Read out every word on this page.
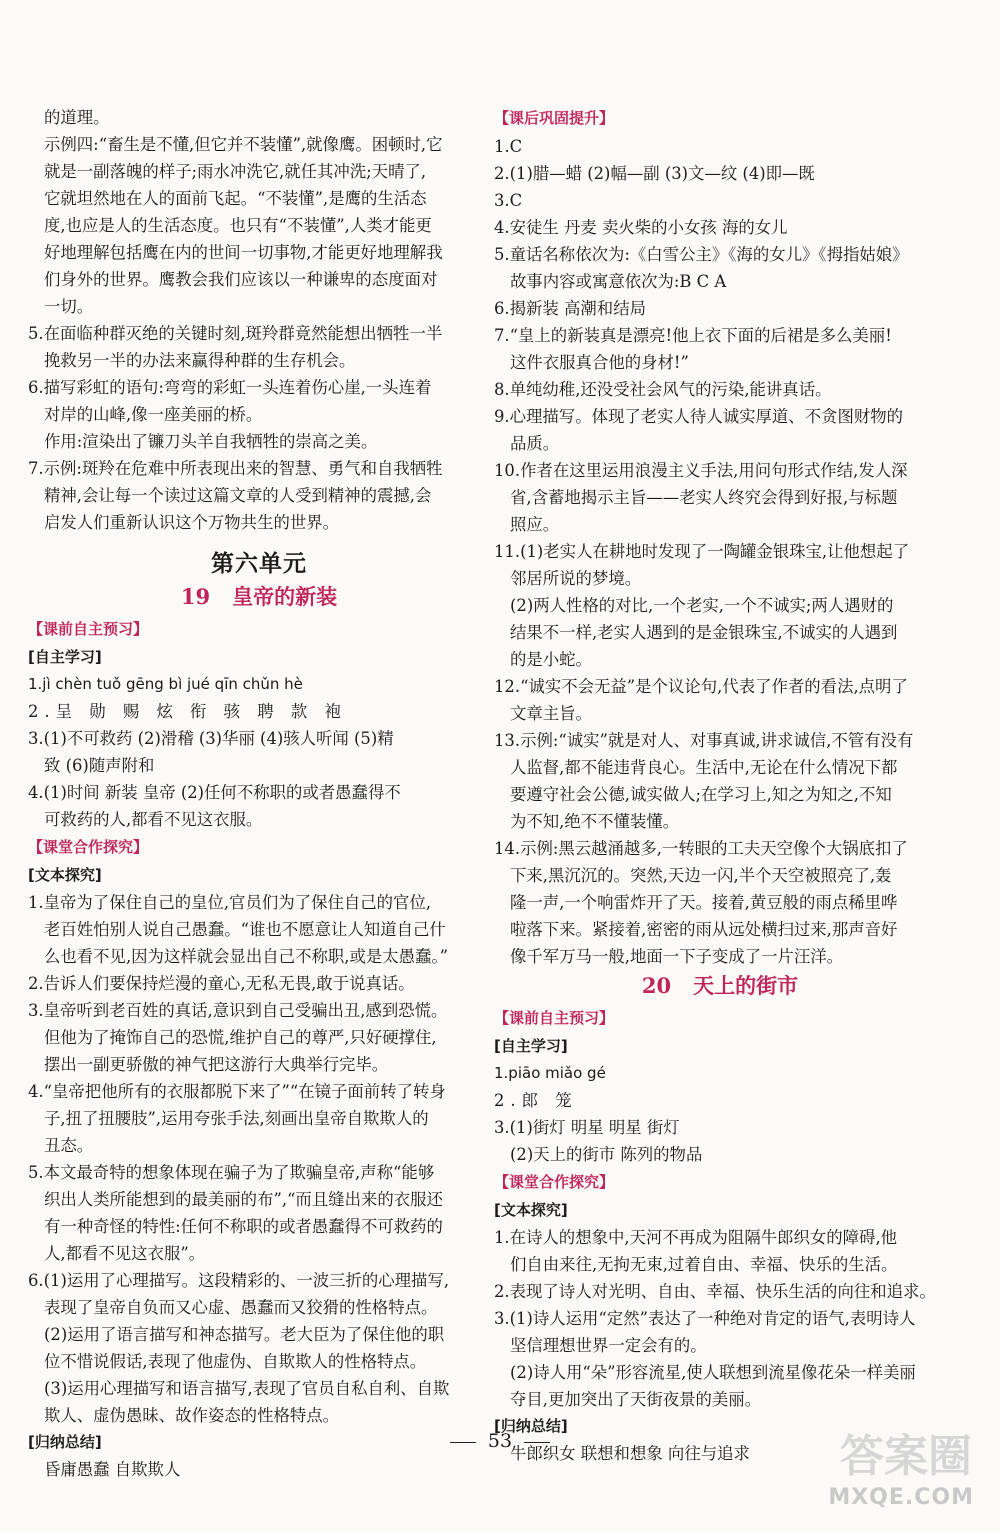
的道理。
示例四:“畜生是不懂,但它并不装懂”,就像鹰。困顿时,它
就是一副落魄的样子;雨水冲洗它,就任其冲洗;天晴了,
它就坦然地在人的面前飞起。“不装懂”,是鹰的生活态
度,也应是人的生活态度。也只有“不装懂”,人类才能更
好地理解包括鹰在内的世间一切事物,才能更好地理解我
们身外的世界。鹰教会我们应该以一种谦卑的态度面对
一切。
5.在面临种群灭绝的关键时刻,斑羚群竟然能想出牺牲一半
挽救另一半的办法来赢得种群的生存机会。
6.描写彩虹的语句:弯弯的彩虹一头连着伤心崖,一头连着
对岸的山峰,像一座美丽的桥。
作用:渲染出了镰刀头羊自我牺牲的崇高之美。
7.示例:斑羚在危难中所表现出来的智慧、勇气和自我牺牲
精神,会让每一个读过这篇文章的人受到精神的震撼,会
启发人们重新认识这个万物共生的世界。
第六单元
19 皇帝的新装
【课前自主预习】
[自主学习]
1.jì chèn tuǒ gēng bì jué qīn chǔn hè
2.呈 勋 赐 炫 衔 骇 聘 款 袍
3.(1)不可救药 (2)滑稽 (3)华丽 (4)骇人听闻 (5)精
致 (6)随声附和
4.(1)时间 新装 皇帝 (2)任何不称职的或者愚蠢得不
可救药的人,都看不见这衣服。
【课堂合作探究】
[文本探究]
1.皇帝为了保住自己的皇位,官员们为了保住自己的官位,
老百姓怕别人说自己愚蠢。“谁也不愿意让人知道自己什
么也看不见,因为这样就会显出自己不称职,或是太愚蠢。”
2.告诉人们要保持烂漫的童心,无私无畏,敢于说真话。
3.皇帝听到老百姓的真话,意识到自己受骗出丑,感到恐慌。
但他为了掩饰自己的恐慌,维护自己的尊严,只好硬撑住,
摆出一副更骄傲的神气把这游行大典举行完毕。
4.“皇帝把他所有的衣服都脱下来了”“在镜子面前转了转身
子,扭了扭腰肢”,运用夸张手法,刻画出皇帝自欺欺人的
丑态。
5.本文最奇特的想象体现在骗子为了欺骗皇帝,声称“能够
织出人类所能想到的最美丽的布”,“而且缝出来的衣服还
有一种奇怪的特性:任何不称职的或者愚蠢得不可救药的
人,都看不见这衣服”。
6.(1)运用了心理描写。这段精彩的、一波三折的心理描写,
表现了皇帝自负而又心虚、愚蠢而又狡猾的性格特点。
(2)运用了语言描写和神态描写。老大臣为了保住他的职
位不惜说假话,表现了他虚伪、自欺欺人的性格特点。
(3)运用心理描写和语言描写,表现了官员自私自利、自欺
欺人、虚伪愚昧、故作姿态的性格特点。
[归纳总结]
昏庸愚蠢 自欺欺人
【课后巩固提升】
1.C
2.(1)腊—蜡 (2)幅—副 (3)文—纹 (4)即—既
3.C
4.安徒生 丹麦 卖火柴的小女孩 海的女儿
5.童话名称依次为:《白雪公主》《海的女儿》《拇指姑娘》
故事内容或寓意依次为:B C A
6.揭新装 高潮和结局
7.“皇上的新装真是漂亮!他上衣下面的后裙是多么美丽!
这件衣服真合他的身材!”
8.单纯幼稚,还没受社会风气的污染,能讲真话。
9.心理描写。体现了老实人待人诚实厚道、不贪图财物的
品质。
10.作者在这里运用浪漫主义手法,用问句形式作结,发人深
省,含蓄地揭示主旨——老实人终究会得到好报,与标题
照应。
11.(1)老实人在耕地时发现了一陶罐金银珠宝,让他想起了
邻居所说的梦境。
(2)两人性格的对比,一个老实,一个不诚实;两人遇财的
结果不一样,老实人遇到的是金银珠宝,不诚实的人遇到
的是小蛇。
12.“诚实不会无益”是个议论句,代表了作者的看法,点明了
文章主旨。
13.示例:“诚实”就是对人、对事真诚,讲求诚信,不管有没有
人监督,都不能违背良心。生活中,无论在什么情况下都
要遵守社会公德,诚实做人;在学习上,知之为知之,不知
为不知,绝不不懂装懂。
14.示例:黑云越涌越多,一转眼的工夫天空像个大锅底扣了
下来,黑沉沉的。突然,天边一闪,半个天空被照亮了,轰
隆一声,一个响雷炸开了天。接着,黄豆般的雨点稀里哗
啦落下来。紧接着,密密的雨从远处横扫过来,那声音好
像千军万马一般,地面一下子变成了一片汪洋。
20 天上的街市
【课前自主预习】
[自主学习]
1.piāo miǎo gé
2.郎 笼
3.(1)街灯 明星 明星 街灯
(2)天上的街市 陈列的物品
【课堂合作探究】
[文本探究]
1.在诗人的想象中,天河不再成为阻隔牛郎织女的障碍,他
们自由来往,无拘无束,过着自由、幸福、快乐的生活。
2.表现了诗人对光明、自由、幸福、快乐生活的向往和追求。
3.(1)诗人运用“定然”表达了一种绝对肯定的语气,表明诗人
坚信理想世界一定会有的。
(2)诗人用“朵”形容流星,使人联想到流星像花朵一样美丽
夺目,更加突出了天街夜景的美丽。
[归纳总结]
牛郎织女 联想和想象 向往与追求
53	答案圈
MXQE.COM
